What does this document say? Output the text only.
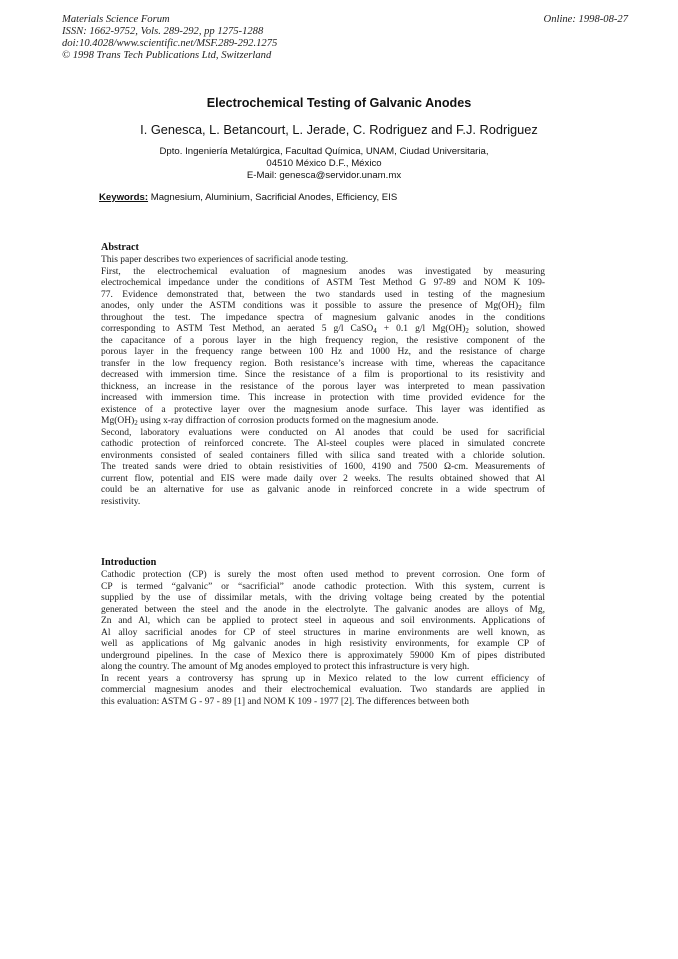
Materials Science Forum
ISSN: 1662-9752, Vols. 289-292, pp 1275-1288
doi:10.4028/www.scientific.net/MSF.289-292.1275
© 1998 Trans Tech Publications Ltd, Switzerland
Online: 1998-08-27
Electrochemical Testing of Galvanic Anodes
I. Genesca, L. Betancourt, L. Jerade, C. Rodriguez and F.J. Rodriguez
Dpto. Ingeniería Metalúrgica, Facultad Química, UNAM, Ciudad Universitaria,
04510 México D.F., México
E-Mail: genesca@servidor.unam.mx
Keywords: Magnesium, Aluminium, Sacrificial Anodes, Efficiency, EIS
Abstract
This paper describes two experiences of sacrificial anode testing.
First, the electrochemical evaluation of magnesium anodes was investigated by measuring
electrochemical impedance under the conditions of ASTM Test Method G 97-89 and NOM K 109-
77. Evidence demonstrated that, between the two standards used in testing of the magnesium
anodes, only under the ASTM conditions was it possible to assure the presence of $Mg(OH)_2$ film
throughout the test. The impedance spectra of magnesium galvanic anodes in the conditions
corresponding to ASTM Test Method, an aerated 5 g/l CaSO$_4$ + 0.1 g/l $Mg(OH)_2$ solution, showed
the capacitance of a porous layer in the high frequency region, the resistive component of the
porous layer in the frequency range between 100 Hz and 1000 Hz, and the resistance of charge
transfer in the low frequency region. Both resistance’s increase with time, whereas the capacitance
decreased with immersion time. Since the resistance of a film is proportional to its resistivity and
thickness, an increase in the resistance of the porous layer was interpreted to mean passivation
increased with immersion time. This increase in protection with time provided evidence for the
existence of a protective layer over the magnesium anode surface. This layer was identified as
$Mg(OH)_2$ using x-ray diffraction of corrosion products formed on the magnesium anode.
Second, laboratory evaluations were conducted on Al anodes that could be used for sacrificial
cathodic protection of reinforced concrete. The Al-steel couples were placed in simulated concrete
environments consisted of sealed containers filled with silica sand treated with a chloride solution.
The treated sands were dried to obtain resistivities of 1600, 4190 and 7500 Ω-cm. Measurements of
current flow, potential and EIS were made daily over 2 weeks. The results obtained showed that Al
could be an alternative for use as galvanic anode in reinforced concrete in a wide spectrum of
resistivity.
Introduction
Cathodic protection (CP) is surely the most often used method to prevent corrosion. One form of
CP is termed “galvanic” or “sacrificial” anode cathodic protection. With this system, current is
supplied by the use of dissimilar metals, with the driving voltage being created by the potential
generated between the steel and the anode in the electrolyte. The galvanic anodes are alloys of Mg,
Zn and Al, which can be applied to protect steel in aqueous and soil environments. Applications of
Al alloy sacrificial anodes for CP of steel structures in marine environments are well known, as
well as applications of Mg galvanic anodes in high resistivity environments, for example CP of
underground pipelines. In the case of Mexico there is approximately 59000 Km of pipes distributed
along the country. The amount of Mg anodes employed to protect this infrastructure is very high.
In recent years a controversy has sprung up in Mexico related to the low current efficiency of
commercial magnesium anodes and their electrochemical evaluation. Two standards are applied in
this evaluation: ASTM G - 97 - 89 [1] and NOM K 109 - 1977 [2]. The differences between both
